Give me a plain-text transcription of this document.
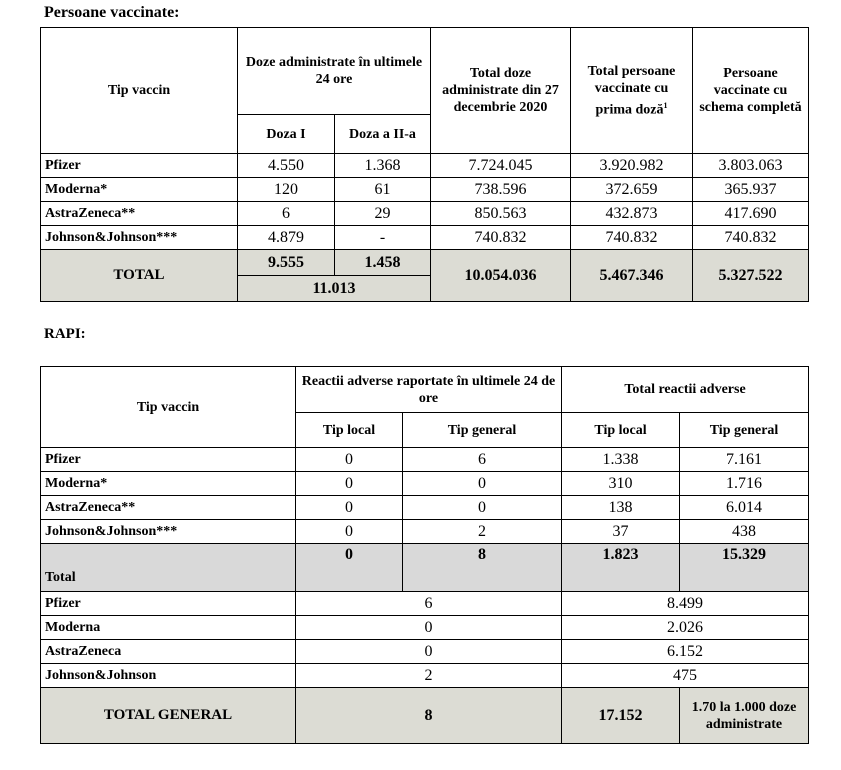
Persoane vaccinate:
Tip vaccin	Doze administrate în ultimele 24 ore		Total doze administrate din 27 decembrie 2020	Total persoane vaccinate cu prima doză$^1$	Persoane vaccinate cu schema completă
	Doza I	Doza a II-a			
Pfizer	4.550	1.368	7.724.045	3.920.982	3.803.063
Moderna*	120	61	738.596	372.659	365.937
AstraZeneca**	6	29	850.563	432.873	417.690
Johnson&Johnson***	4.879	-	740.832	740.832	740.832
TOTAL	9.555	1.458	10.054.036	5.467.346	5.327.522
	11.013				
RAPI:
Tip vaccin	Reactii adverse raportate în ultimele 24 de ore		Total reactii adverse	
	Tip local	Tip general	Tip local	Tip general
Pfizer	0	6	1.338	7.161
Moderna*	0	0	310	1.716
AstraZeneca**	0	0	138	6.014
Johnson&Johnson***	0	2	37	438
Total	0	8	1.823	15.329
Pfizer	6		8.499	
Moderna	0		2.026	
AstraZeneca	0		6.152	
Johnson&Johnson	2		475	
TOTAL GENERAL	8		17.152	1.70 la 1.000 doze administrate
